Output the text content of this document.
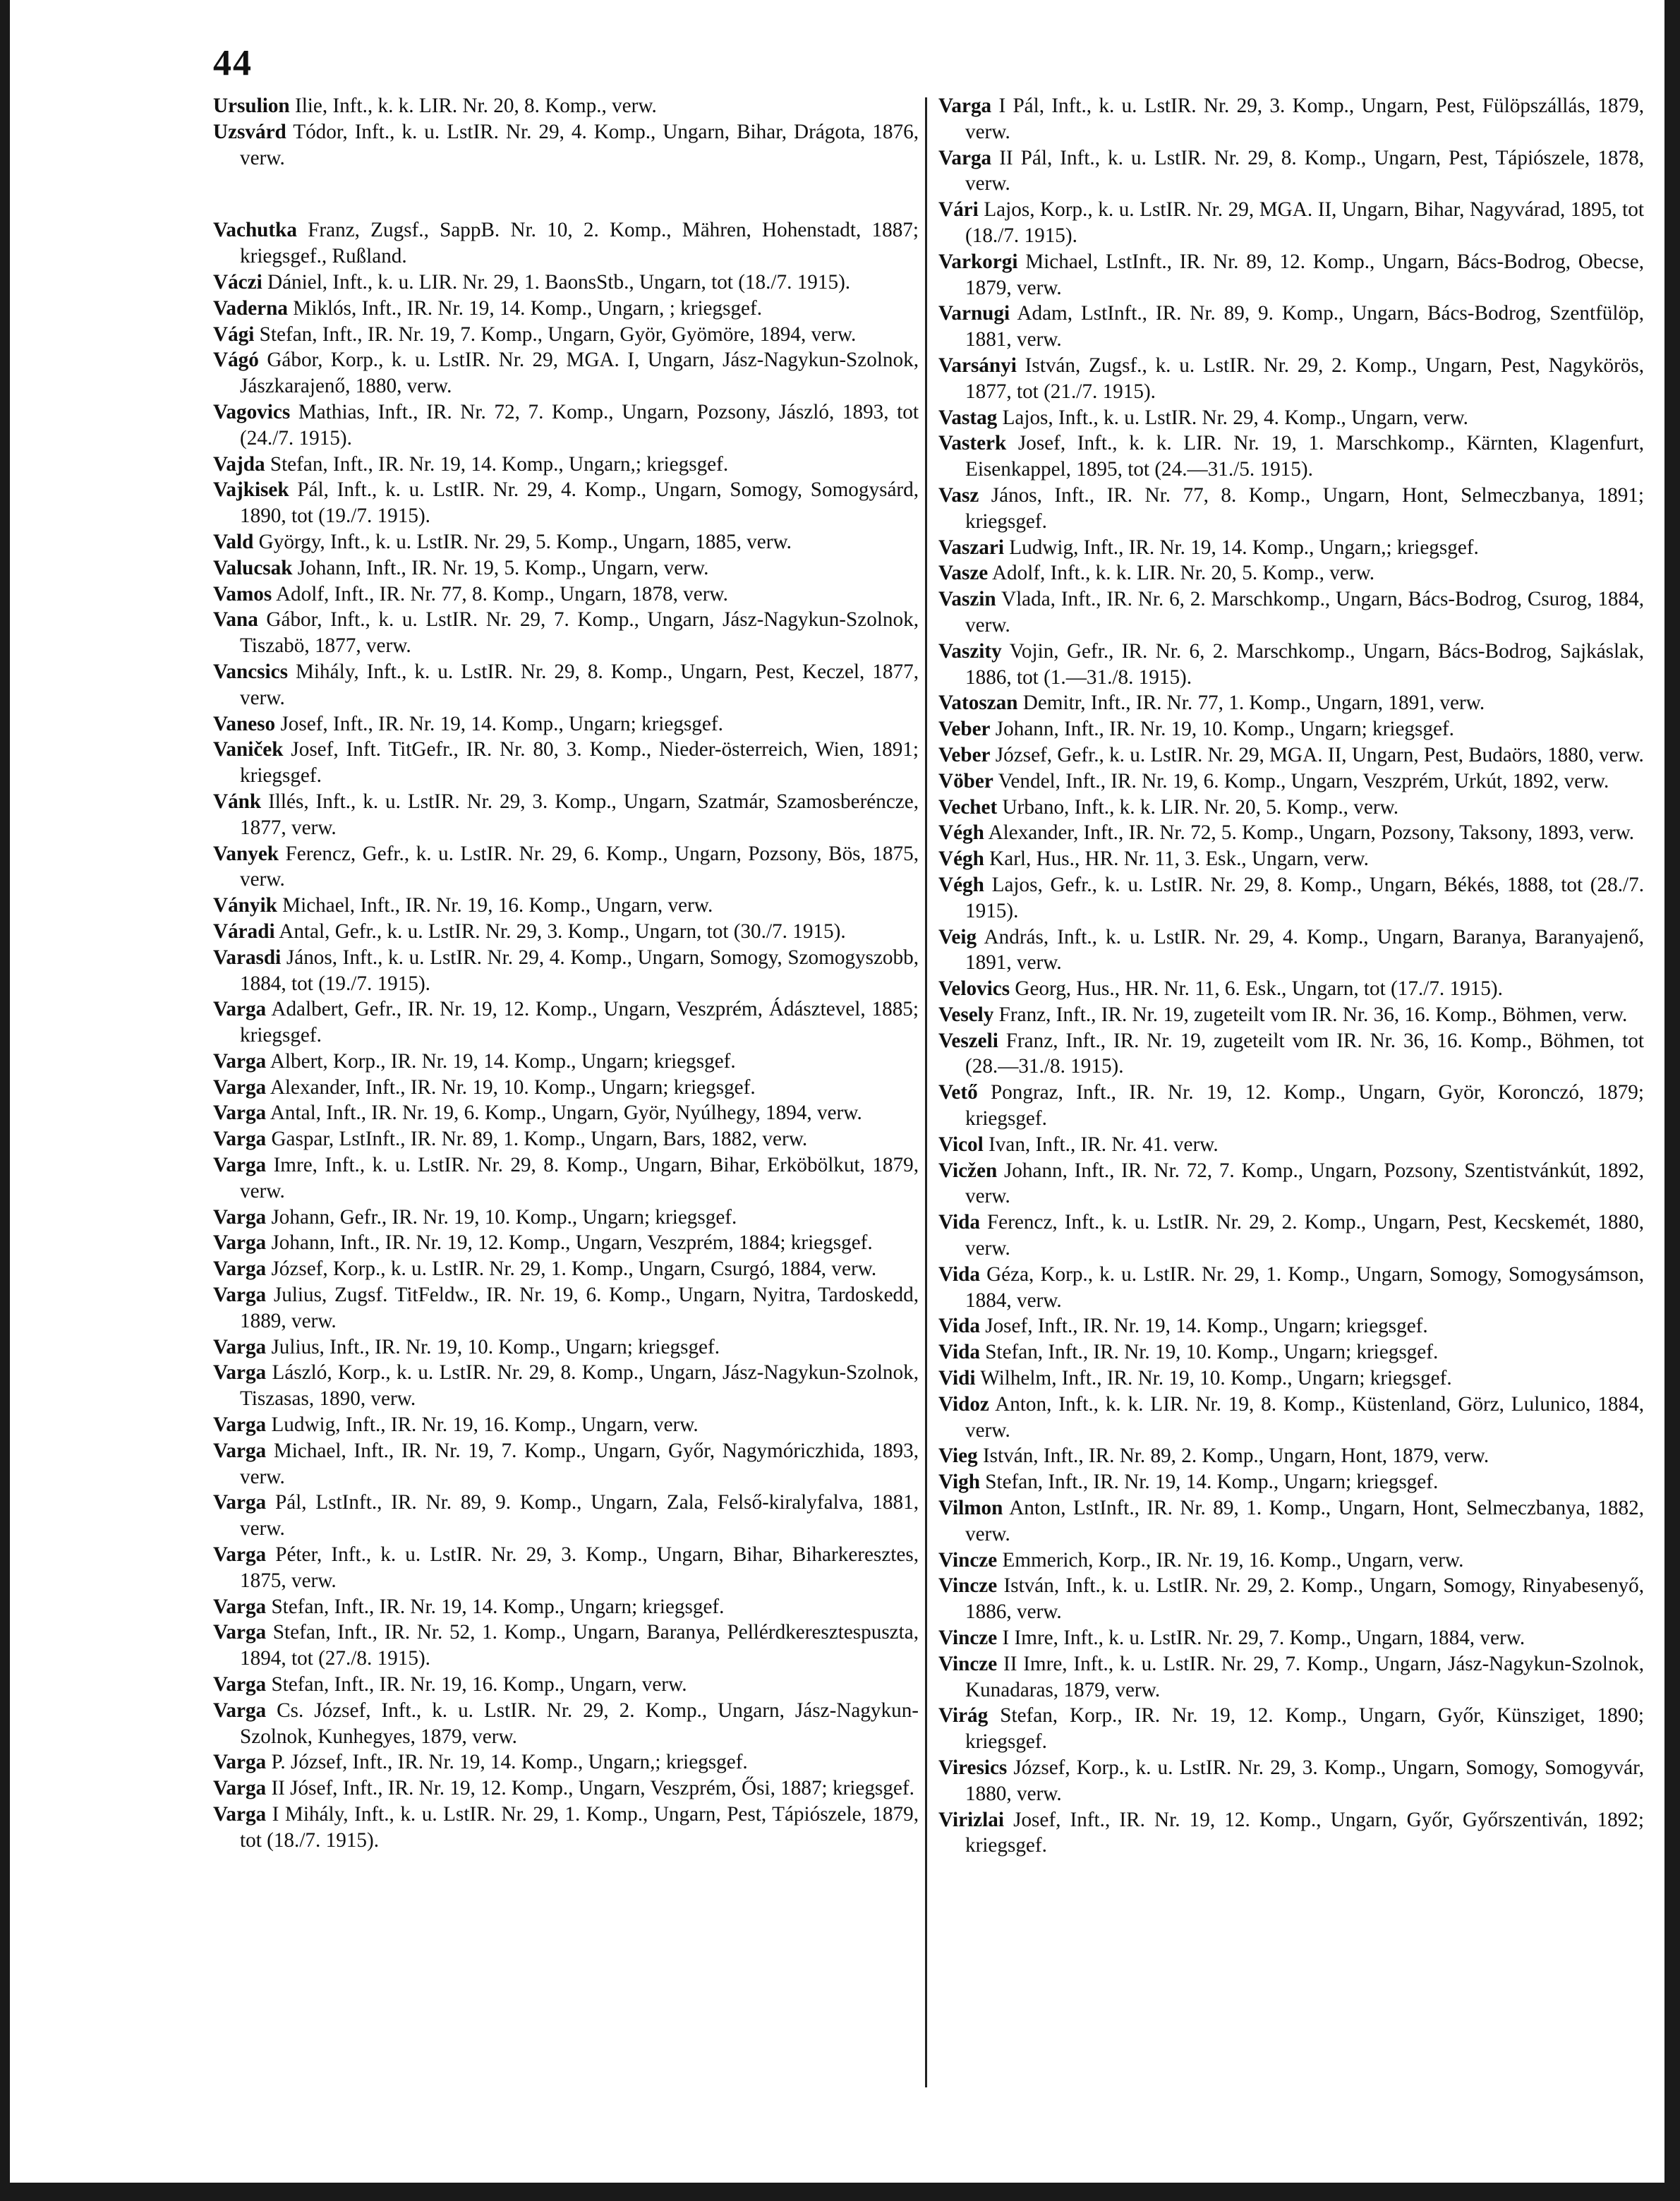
44

Ursulion Ilie, Inft., k. k. LIR. Nr. 20, 8. Komp., verw.

Uzsvárd Tódor, Inft., k. u. LstIR. Nr. 29, 4. Komp., Ungarn, Bihar, Drágota, 1876, verw.

Vachutka Franz, Zugsf., SappB. Nr. 10, 2. Komp., Mähren, Hohenstadt, 1887; kriegsgef., Rußland.

Váczi Dániel, Inft., k. u. LIR. Nr. 29, 1. BaonsStb., Ungarn, tot (18./7. 1915).

Vaderna Miklós, Inft., IR. Nr. 19, 14. Komp., Ungarn, ; kriegsgef.

Vági Stefan, Inft., IR. Nr. 19, 7. Komp., Ungarn, Györ, Gyömöre, 1894, verw.

Vágó Gábor, Korp., k. u. LstIR. Nr. 29, MGA. I, Ungarn, Jász-Nagykun-Szolnok, Jászkarajenő, 1880, verw.

Vagovics Mathias, Inft., IR. Nr. 72, 7. Komp., Ungarn, Pozsony, Jászló, 1893, tot (24./7. 1915).

Vajda Stefan, Inft., IR. Nr. 19, 14. Komp., Ungarn,; kriegsgef.

Vajkisek Pál, Inft., k. u. LstIR. Nr. 29, 4. Komp., Ungarn, Somogy, Somogysárd, 1890, tot (19./7. 1915).

Vald György, Inft., k. u. LstIR. Nr. 29, 5. Komp., Ungarn, 1885, verw.

Valucsak Johann, Inft., IR. Nr. 19, 5. Komp., Ungarn, verw.

Vamos Adolf, Inft., IR. Nr. 77, 8. Komp., Ungarn, 1878, verw.

Vana Gábor, Inft., k. u. LstIR. Nr. 29, 7. Komp., Ungarn, Jász-Nagykun-Szolnok, Tiszabö, 1877, verw.

Vancsics Mihály, Inft., k. u. LstIR. Nr. 29, 8. Komp., Ungarn, Pest, Keczel, 1877, verw.

Vaneso Josef, Inft., IR. Nr. 19, 14. Komp., Ungarn; kriegsgef.

Vaniček Josef, Inft. TitGefr., IR. Nr. 80, 3. Komp., Nieder-österreich, Wien, 1891; kriegsgef.

Vánk Illés, Inft., k. u. LstIR. Nr. 29, 3. Komp., Ungarn, Szatmár, Szamosberéncze, 1877, verw.

Vanyek Ferencz, Gefr., k. u. LstIR. Nr. 29, 6. Komp., Ungarn, Pozsony, Bös, 1875, verw.

Ványik Michael, Inft., IR. Nr. 19, 16. Komp., Ungarn, verw.

Váradi Antal, Gefr., k. u. LstIR. Nr. 29, 3. Komp., Ungarn, tot (30./7. 1915).

Varasdi János, Inft., k. u. LstIR. Nr. 29, 4. Komp., Ungarn, Somogy, Szomogyszobb, 1884, tot (19./7. 1915).

Varga Adalbert, Gefr., IR. Nr. 19, 12. Komp., Ungarn, Veszprém, Ádásztevel, 1885; kriegsgef.

Varga Albert, Korp., IR. Nr. 19, 14. Komp., Ungarn; kriegsgef.

Varga Alexander, Inft., IR. Nr. 19, 10. Komp., Ungarn; kriegsgef.

Varga Antal, Inft., IR. Nr. 19, 6. Komp., Ungarn, Györ, Nyúlhegy, 1894, verw.

Varga Gaspar, LstInft., IR. Nr. 89, 1. Komp., Ungarn, Bars, 1882, verw.

Varga Imre, Inft., k. u. LstIR. Nr. 29, 8. Komp., Ungarn, Bihar, Erköbölkut, 1879, verw.

Varga Johann, Gefr., IR. Nr. 19, 10. Komp., Ungarn; kriegsgef.

Varga Johann, Inft., IR. Nr. 19, 12. Komp., Ungarn, Veszprém, 1884; kriegsgef.

Varga József, Korp., k. u. LstIR. Nr. 29, 1. Komp., Ungarn, Csurgó, 1884, verw.

Varga Julius, Zugsf. TitFeldw., IR. Nr. 19, 6. Komp., Ungarn, Nyitra, Tardoskedd, 1889, verw.

Varga Julius, Inft., IR. Nr. 19, 10. Komp., Ungarn; kriegsgef.

Varga László, Korp., k. u. LstIR. Nr. 29, 8. Komp., Ungarn, Jász-Nagykun-Szolnok, Tiszasas, 1890, verw.

Varga Ludwig, Inft., IR. Nr. 19, 16. Komp., Ungarn, verw.

Varga Michael, Inft., IR. Nr. 19, 7. Komp., Ungarn, Győr, Nagymóriczhida, 1893, verw.

Varga Pál, LstInft., IR. Nr. 89, 9. Komp., Ungarn, Zala, Felső-kiralyfalva, 1881, verw.

Varga Péter, Inft., k. u. LstIR. Nr. 29, 3. Komp., Ungarn, Bihar, Biharkeresztes, 1875, verw.

Varga Stefan, Inft., IR. Nr. 19, 14. Komp., Ungarn; kriegsgef.

Varga Stefan, Inft., IR. Nr. 52, 1. Komp., Ungarn, Baranya, Pellérdkeresztespuszta, 1894, tot (27./8. 1915).

Varga Stefan, Inft., IR. Nr. 19, 16. Komp., Ungarn, verw.

Varga Cs. József, Inft., k. u. LstIR. Nr. 29, 2. Komp., Ungarn, Jász-Nagykun-Szolnok, Kunhegyes, 1879, verw.

Varga P. József, Inft., IR. Nr. 19, 14. Komp., Ungarn,; kriegsgef.

Varga II Jósef, Inft., IR. Nr. 19, 12. Komp., Ungarn, Veszprém, Ősi, 1887; kriegsgef.

Varga I Mihály, Inft., k. u. LstIR. Nr. 29, 1. Komp., Ungarn, Pest, Tápiószele, 1879, tot (18./7. 1915).

Varga I Pál, Inft., k. u. LstIR. Nr. 29, 3. Komp., Ungarn, Pest, Fülöpszállás, 1879, verw.

Varga II Pál, Inft., k. u. LstIR. Nr. 29, 8. Komp., Ungarn, Pest, Tápiószele, 1878, verw.

Vári Lajos, Korp., k. u. LstIR. Nr. 29, MGA. II, Ungarn, Bihar, Nagyvárad, 1895, tot (18./7. 1915).

Varkorgi Michael, LstInft., IR. Nr. 89, 12. Komp., Ungarn, Bács-Bodrog, Obecse, 1879, verw.

Varnugi Adam, LstInft., IR. Nr. 89, 9. Komp., Ungarn, Bács-Bodrog, Szentfülöp, 1881, verw.

Varsányi István, Zugsf., k. u. LstIR. Nr. 29, 2. Komp., Ungarn, Pest, Nagykörös, 1877, tot (21./7. 1915).

Vastag Lajos, Inft., k. u. LstIR. Nr. 29, 4. Komp., Ungarn, verw.

Vasterk Josef, Inft., k. k. LIR. Nr. 19, 1. Marschkomp., Kärnten, Klagenfurt, Eisenkappel, 1895, tot (24.—31./5. 1915).

Vasz János, Inft., IR. Nr. 77, 8. Komp., Ungarn, Hont, Selmeczbanya, 1891; kriegsgef.

Vaszari Ludwig, Inft., IR. Nr. 19, 14. Komp., Ungarn,; kriegsgef.

Vasze Adolf, Inft., k. k. LIR. Nr. 20, 5. Komp., verw.

Vaszin Vlada, Inft., IR. Nr. 6, 2. Marschkomp., Ungarn, Bács-Bodrog, Csurog, 1884, verw.

Vaszity Vojin, Gefr., IR. Nr. 6, 2. Marschkomp., Ungarn, Bács-Bodrog, Sajkáslak, 1886, tot (1.—31./8. 1915).

Vatoszan Demitr, Inft., IR. Nr. 77, 1. Komp., Ungarn, 1891, verw.

Veber Johann, Inft., IR. Nr. 19, 10. Komp., Ungarn; kriegsgef.

Veber József, Gefr., k. u. LstIR. Nr. 29, MGA. II, Ungarn, Pest, Budaörs, 1880, verw.

Vöber Vendel, Inft., IR. Nr. 19, 6. Komp., Ungarn, Veszprém, Urkút, 1892, verw.

Vechet Urbano, Inft., k. k. LIR. Nr. 20, 5. Komp., verw.

Végh Alexander, Inft., IR. Nr. 72, 5. Komp., Ungarn, Pozsony, Taksony, 1893, verw.

Végh Karl, Hus., HR. Nr. 11, 3. Esk., Ungarn, verw.

Végh Lajos, Gefr., k. u. LstIR. Nr. 29, 8. Komp., Ungarn, Békés, 1888, tot (28./7. 1915).

Veig András, Inft., k. u. LstIR. Nr. 29, 4. Komp., Ungarn, Baranya, Baranyajenő, 1891, verw.

Velovics Georg, Hus., HR. Nr. 11, 6. Esk., Ungarn, tot (17./7. 1915).

Vesely Franz, Inft., IR. Nr. 19, zugeteilt vom IR. Nr. 36, 16. Komp., Böhmen, verw.

Veszeli Franz, Inft., IR. Nr. 19, zugeteilt vom IR. Nr. 36, 16. Komp., Böhmen, tot (28.—31./8. 1915).

Vető Pongraz, Inft., IR. Nr. 19, 12. Komp., Ungarn, Györ, Koronczó, 1879; kriegsgef.

Vicol Ivan, Inft., IR. Nr. 41. verw.

Vicžen Johann, Inft., IR. Nr. 72, 7. Komp., Ungarn, Pozsony, Szentistvánkút, 1892, verw.

Vida Ferencz, Inft., k. u. LstIR. Nr. 29, 2. Komp., Ungarn, Pest, Kecskemét, 1880, verw.

Vida Géza, Korp., k. u. LstIR. Nr. 29, 1. Komp., Ungarn, Somogy, Somogysámson, 1884, verw.

Vida Josef, Inft., IR. Nr. 19, 14. Komp., Ungarn; kriegsgef.

Vida Stefan, Inft., IR. Nr. 19, 10. Komp., Ungarn; kriegsgef.

Vidi Wilhelm, Inft., IR. Nr. 19, 10. Komp., Ungarn; kriegsgef.

Vidoz Anton, Inft., k. k. LIR. Nr. 19, 8. Komp., Küstenland, Görz, Lulunico, 1884, verw.

Vieg István, Inft., IR. Nr. 89, 2. Komp., Ungarn, Hont, 1879, verw.

Vigh Stefan, Inft., IR. Nr. 19, 14. Komp., Ungarn; kriegsgef.

Vilmon Anton, LstInft., IR. Nr. 89, 1. Komp., Ungarn, Hont, Selmeczbanya, 1882, verw.

Vincze Emmerich, Korp., IR. Nr. 19, 16. Komp., Ungarn, verw.

Vincze István, Inft., k. u. LstIR. Nr. 29, 2. Komp., Ungarn, Somogy, Rinyabesenyő, 1886, verw.

Vincze I Imre, Inft., k. u. LstIR. Nr. 29, 7. Komp., Ungarn, 1884, verw.

Vincze II Imre, Inft., k. u. LstIR. Nr. 29, 7. Komp., Ungarn, Jász-Nagykun-Szolnok, Kunadaras, 1879, verw.

Virág Stefan, Korp., IR. Nr. 19, 12. Komp., Ungarn, Győr, Künsziget, 1890; kriegsgef.

Viresics József, Korp., k. u. LstIR. Nr. 29, 3. Komp., Ungarn, Somogy, Somogyvár, 1880, verw.

Virizlai Josef, Inft., IR. Nr. 19, 12. Komp., Ungarn, Győr, Győrszentiván, 1892; kriegsgef.
